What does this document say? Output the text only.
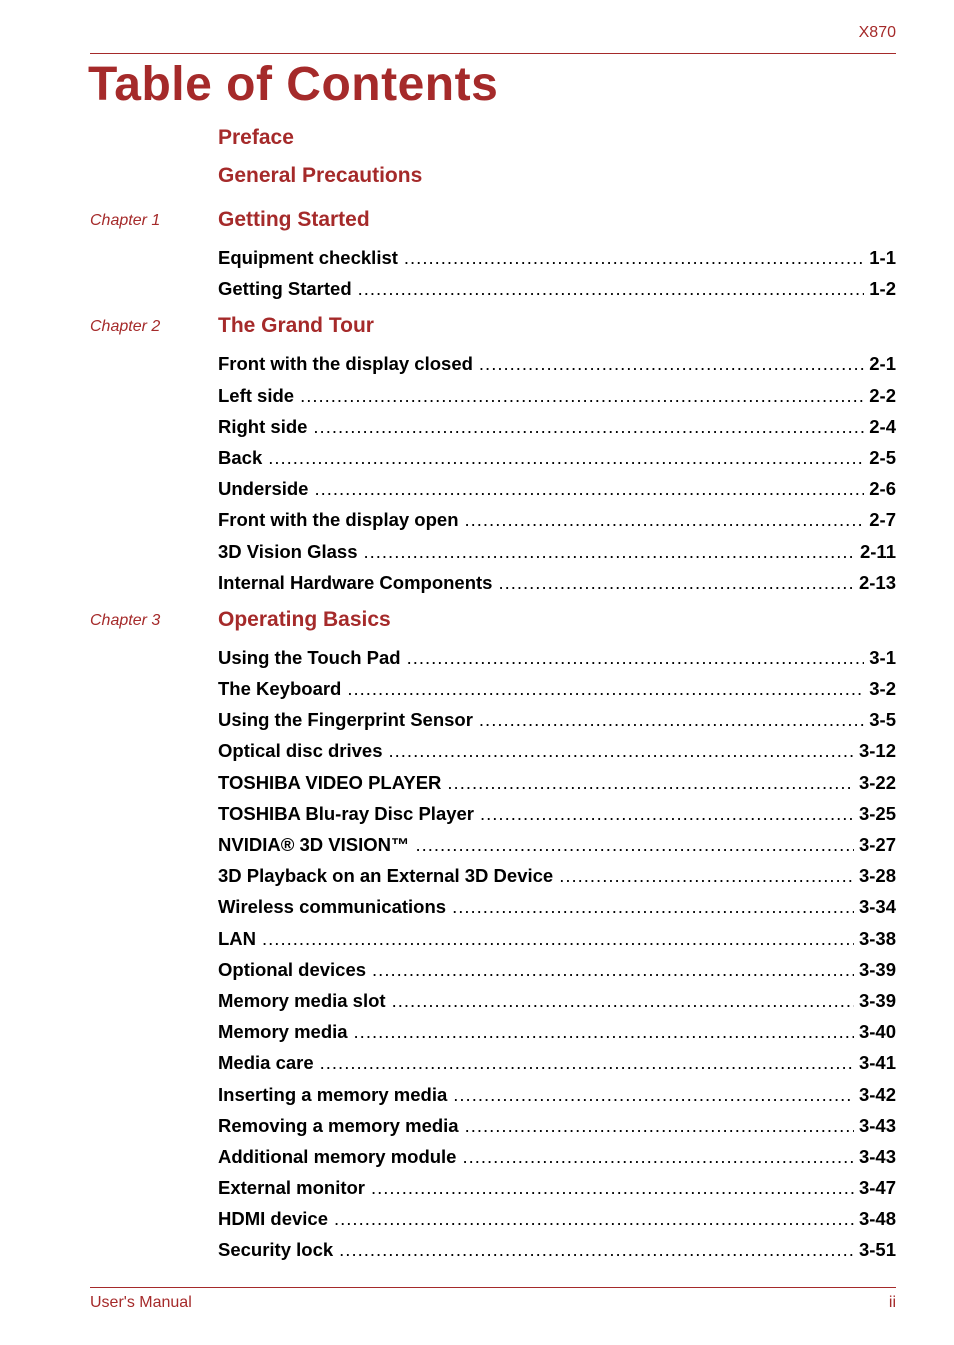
X870
Table of Contents
Preface
General Precautions
Chapter 1	Getting Started
Equipment checklist .....	1-1
Getting Started .....	1-2
Chapter 2	The Grand Tour
Front with the display closed .....	2-1
Left side .....	2-2
Right side .....	2-4
Back .....	2-5
Underside .....	2-6
Front with the display open .....	2-7
3D Vision Glass .....	2-11
Internal Hardware Components .....	2-13
Chapter 3	Operating Basics
Using the Touch Pad .....	3-1
The Keyboard .....	3-2
Using the Fingerprint Sensor .....	3-5
Optical disc drives .....	3-12
TOSHIBA VIDEO PLAYER .....	3-22
TOSHIBA Blu-ray Disc Player .....	3-25
NVIDIA® 3D VISION™ .....	3-27
3D Playback on an External 3D Device .....	3-28
Wireless communications .....	3-34
LAN .....	3-38
Optional devices .....	3-39
Memory media slot .....	3-39
Memory media .....	3-40
Media care .....	3-41
Inserting a memory media .....	3-42
Removing a memory media .....	3-43
Additional memory module .....	3-43
External monitor .....	3-47
HDMI device .....	3-48
Security lock .....	3-51
User's Manual	ii
